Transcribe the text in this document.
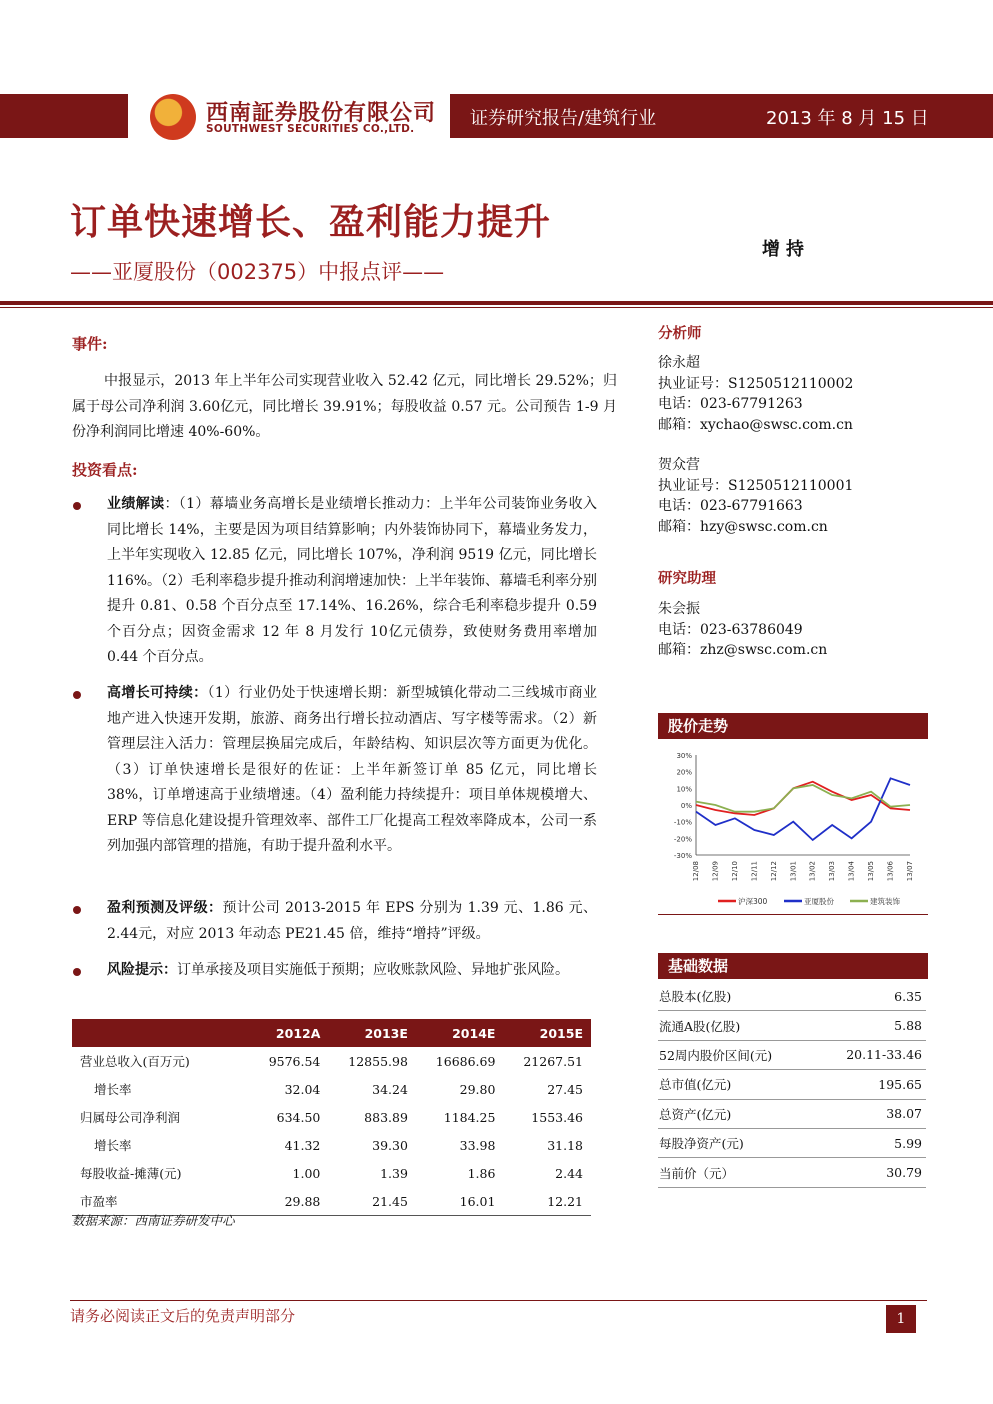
西南証券股份有限公司
SOUTHWEST SECURITIES CO.,LTD.	证券研究报告/建筑行业	2013 年 8 月 15 日
订单快速增长、盈利能力提升
——亚厦股份（002375）中报点评——
增持
事件:
中报显示，2013 年上半年公司实现营业收入 52.42 亿元，同比增长 29.52%；归属于母公司净利润 3.60亿元，同比增长 39.91%；每股收益 0.57 元。公司预告 1-9 月份净利润同比增速 40%-60%。
投资看点:
业绩解读：（1）幕墙业务高增长是业绩增长推动力：上半年公司装饰业务收入同比增长 14%，主要是因为项目结算影响；内外装饰协同下，幕墙业务发力，上半年实现收入 12.85 亿元，同比增长 107%，净利润 9519 亿元，同比增长 116%。（2）毛利率稳步提升推动利润增速加快：上半年装饰、幕墙毛利率分别提升 0.81、0.58 个百分点至 17.14%、16.26%，综合毛利率稳步提升 0.59 个百分点；因资金需求 12 年 8 月发行 10亿元债券，致使财务费用率增加 0.44 个百分点。
高增长可持续：（1）行业仍处于快速增长期：新型城镇化带动二三线城市商业地产进入快速开发期，旅游、商务出行增长拉动酒店、写字楼等需求。（2）新管理层注入活力：管理层换届完成后，年龄结构、知识层次等方面更为优化。（3）订单快速增长是很好的佐证：上半年新签订单 85 亿元，同比增长 38%，订单增速高于业绩增速。（4）盈利能力持续提升：项目单体规模增大、ERP 等信息化建设提升管理效率、部件工厂化提高工程效率降成本，公司一系列加强内部管理的措施，有助于提升盈利水平。
盈利预测及评级：预计公司 2013-2015 年 EPS 分别为 1.39 元、1.86 元、2.44元，对应 2013 年动态 PE21.45 倍，维持“增持”评级。
风险提示：订单承接及项目实施低于预期；应收账款风险、异地扩张风险。
	2012A	2013E	2014E	2015E
营业总收入(百万元)	9576.54	12855.98	16686.69	21267.51
增长率	32.04	34.24	29.80	27.45
归属母公司净利润	634.50	883.89	1184.25	1553.46
增长率	41.32	39.30	33.98	31.18
每股收益-摊薄(元)	1.00	1.39	1.86	2.44
市盈率	29.88	21.45	16.01	12.21
数据来源：西南证券研发中心
分析师
徐永超
执业证号：S1250512110002
电话：023-67791263
邮箱：xychao@swsc.com.cn
贺众营
执业证号：S1250512110001
电话：023-67791663
邮箱：hzy@swsc.com.cn
研究助理
朱会振
电话：023-63786049
邮箱：zhz@swsc.com.cn
股价走势
30%
20%
10%
0%
-10%
-20%
-30%
12/08 12/09 12/10 12/11 12/12 13/01 13/02 13/03 13/04 13/05 13/06 13/07
沪深300	亚厦股份	建筑装饰
基础数据
总股本(亿股)	6.35
流通A股(亿股)	5.88
52周内股价区间(元)	20.11-33.46
总市值(亿元)	195.65
总资产(亿元)	38.07
每股净资产(元)	5.99
当前价（元）	30.79
请务必阅读正文后的免责声明部分	1
